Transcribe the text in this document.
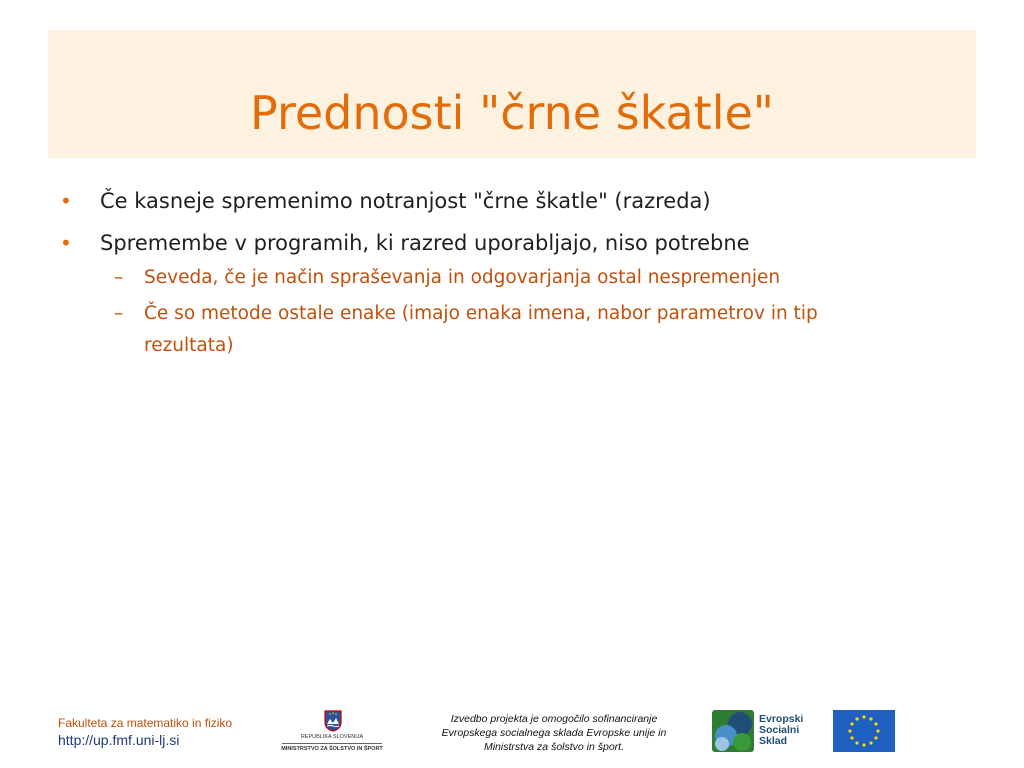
Prednosti "črne škatle"
• Če kasneje spremenimo notranjost "črne škatle" (razreda)
• Spremembe v programih, ki razred uporabljajo, niso potrebne
– Seveda, če je način spraševanja in odgovarjanja ostal nespremenjen
– Če so metode ostale enake (imajo enaka imena, nabor parametrov in tip
rezultata)
Fakulteta za matematiko in fiziko
http://up.fmf.uni-lj.si	REPUBLIKA SLOVENIJA
MINISTRSTVO ZA ŠOLSTVO IN ŠPORT
Izvedbo projekta je omogočilo sofinanciranje
Evropskega socialnega sklada Evropske unije in
Ministrstva za šolstvo in šport.
Evropski
Socialni
Sklad
